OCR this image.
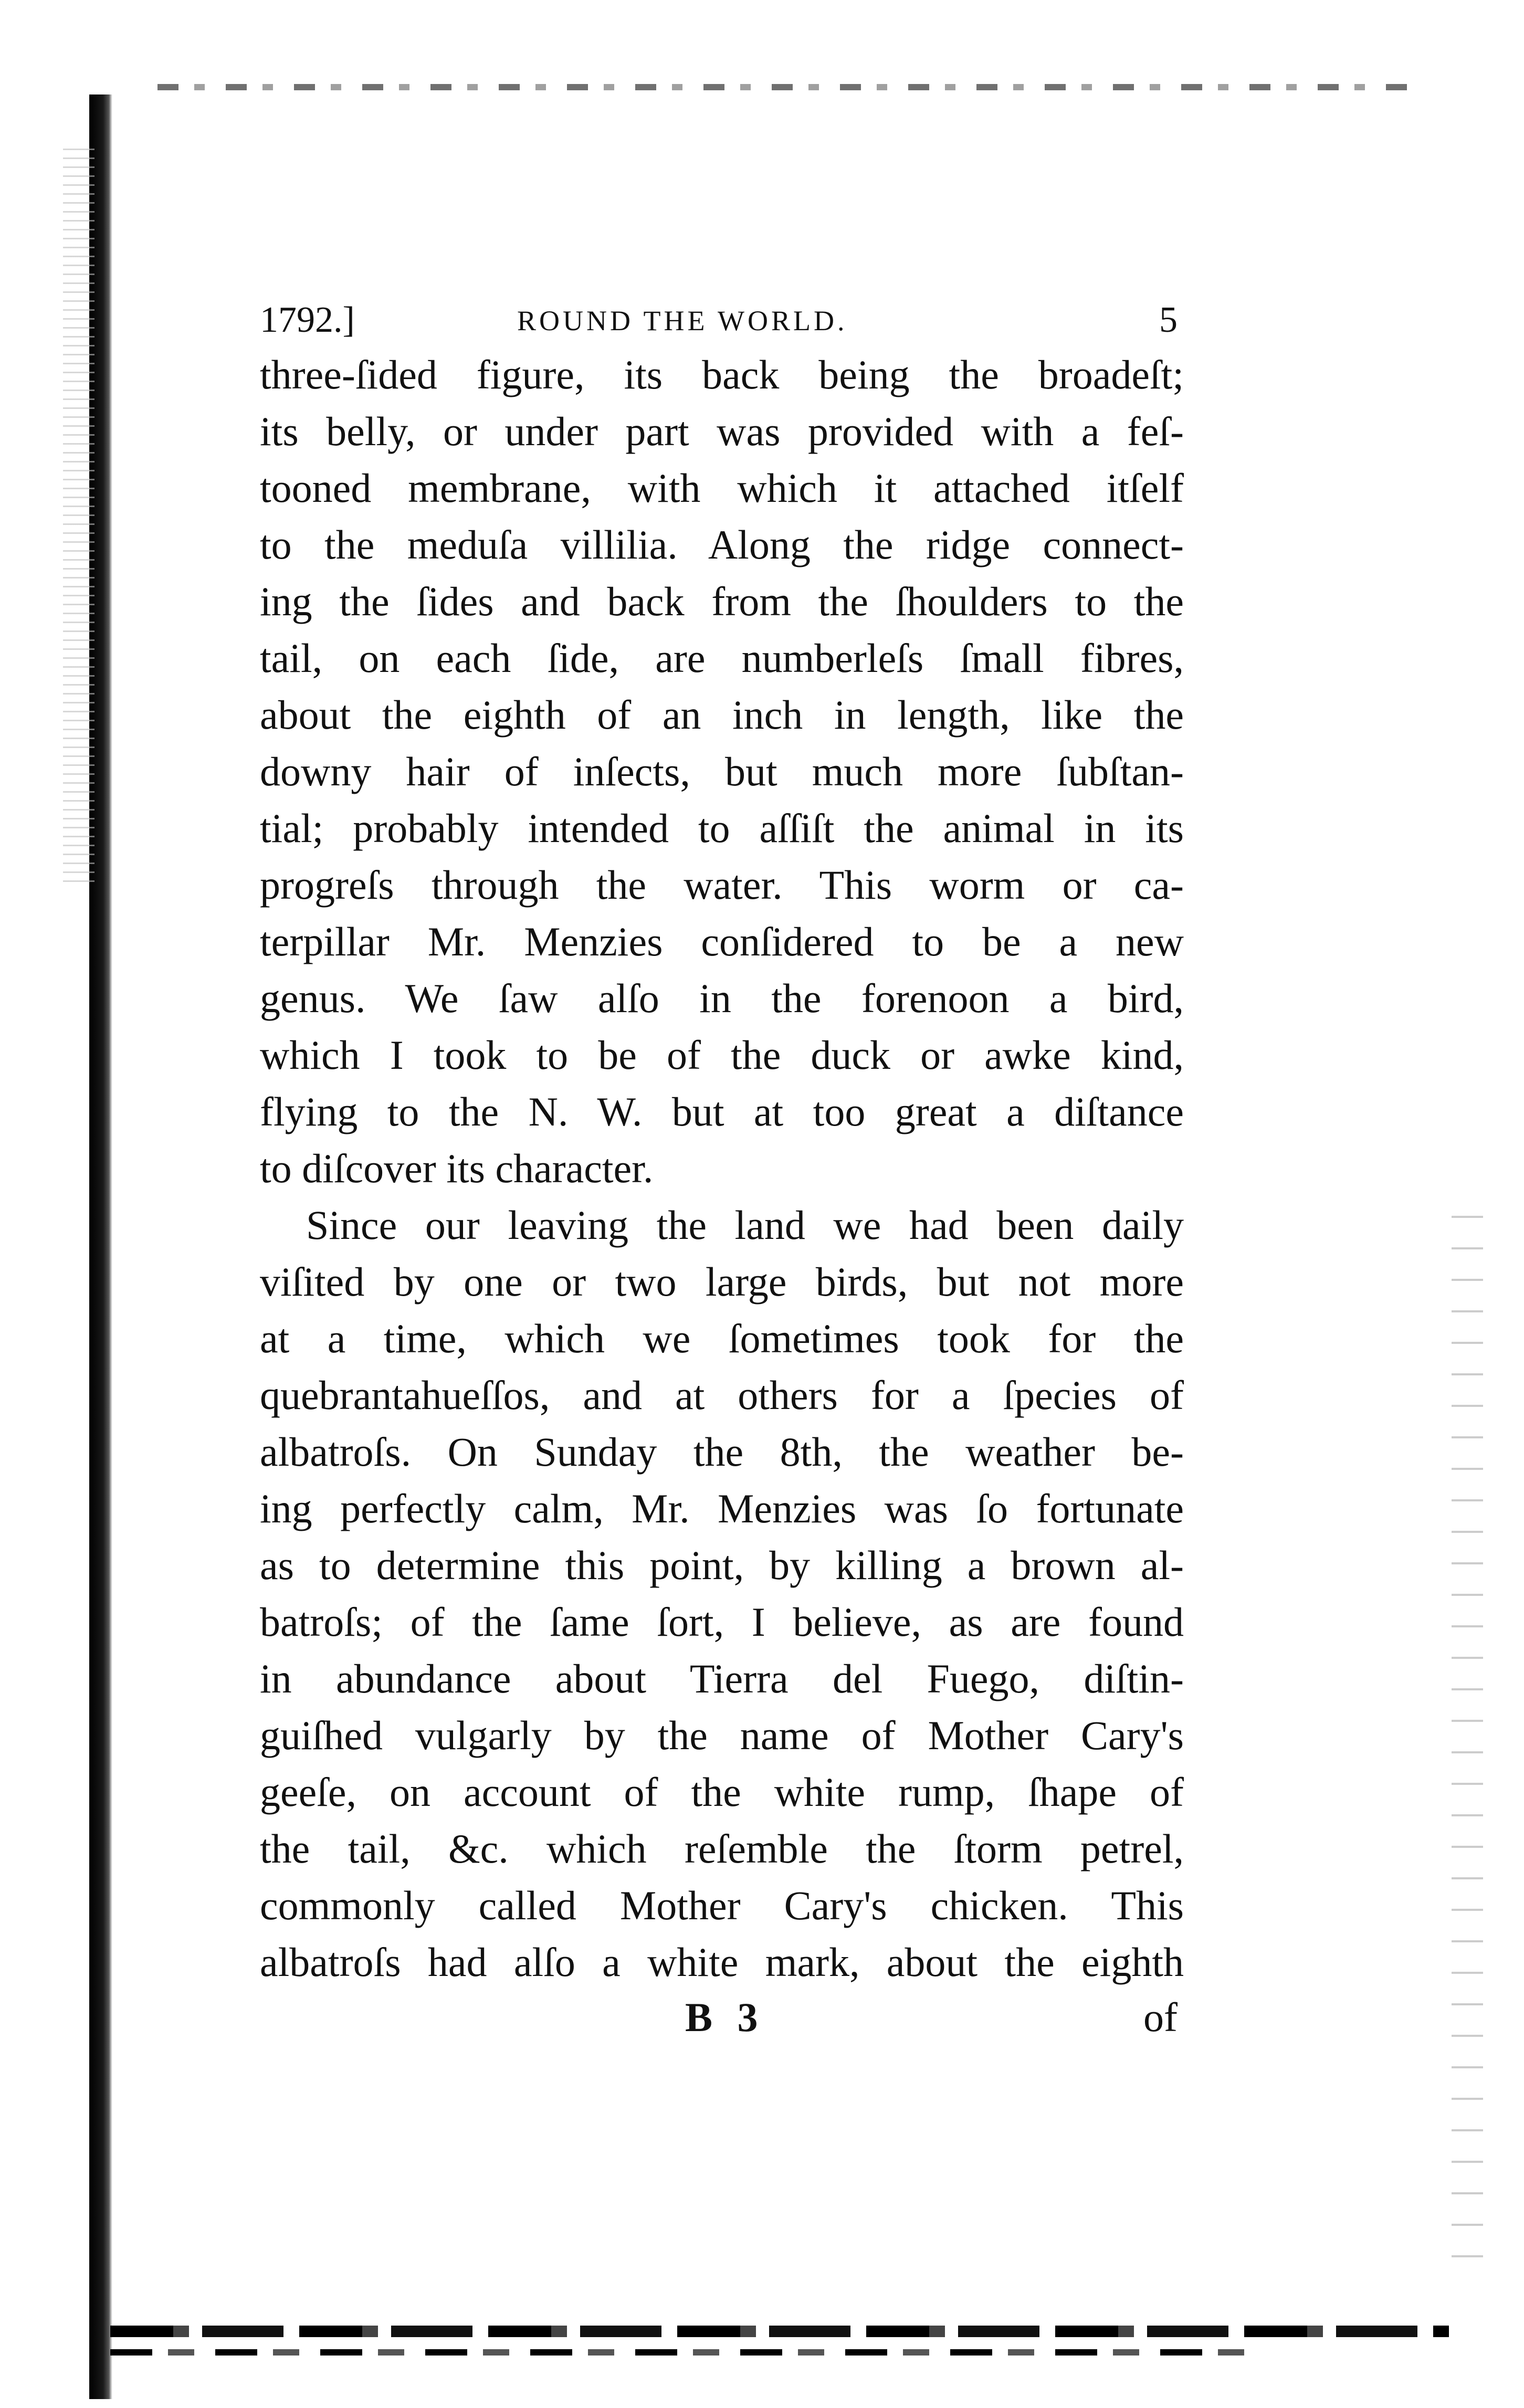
1792.]	ROUND THE WORLD.	5
three-ſided figure, its back being the broadeſt;
its belly, or under part was provided with a feſ-
tooned membrane, with which it attached itſelf
to the meduſa villilia. Along the ridge connect-
ing the ſides and back from the ſhoulders to the
tail, on each ſide, are numberleſs ſmall fibres,
about the eighth of an inch in length, like the
downy hair of inſects, but much more ſubſtan-
tial; probably intended to aſſiſt the animal in its
progreſs through the water. This worm or ca-
terpillar Mr. Menzies conſidered to be a new
genus. We ſaw alſo in the forenoon a bird,
which I took to be of the duck or awke kind,
flying to the N. W. but at too great a diſtance
to diſcover its character.
Since our leaving the land we had been daily
viſited by one or two large birds, but not more
at a time, which we ſometimes took for the
quebrantahueſſos, and at others for a ſpecies of
albatroſs. On Sunday the 8th, the weather be-
ing perfectly calm, Mr. Menzies was ſo fortunate
as to determine this point, by killing a brown al-
batroſs; of the ſame ſort, I believe, as are found
in abundance about Tierra del Fuego, diſtin-
guiſhed vulgarly by the name of Mother Cary's
geeſe, on account of the white rump, ſhape of
the tail, &c. which reſemble the ſtorm petrel,
commonly called Mother Cary's chicken. This
albatroſs had alſo a white mark, about the eighth
B 3	of
